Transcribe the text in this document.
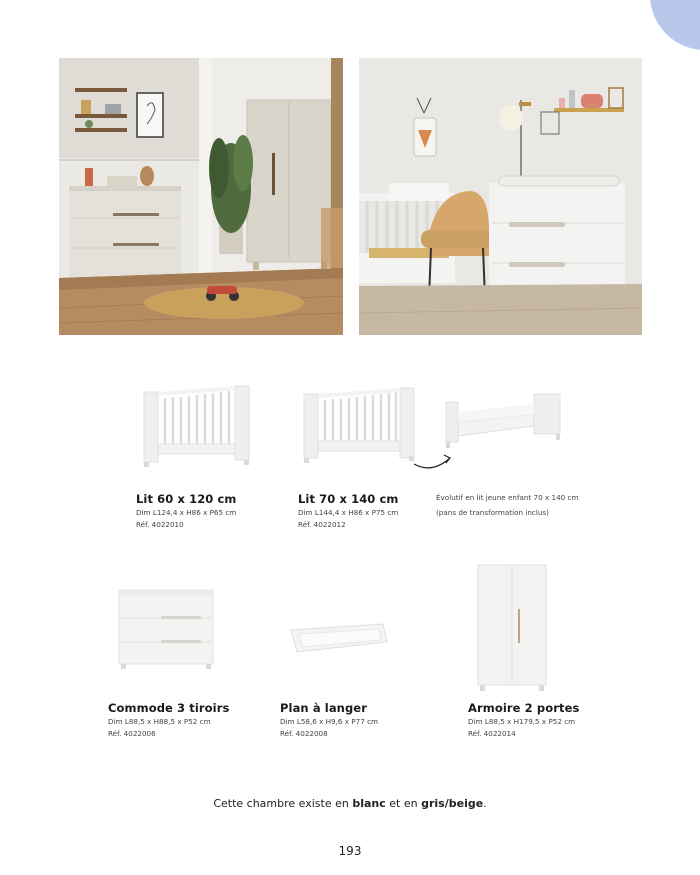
Lit 60 x 120 cm
Dim L124,4 x H86 x P65 cm
Réf. 4022010
Lit 70 x 140 cm
Dim L144,4 x H86 x P75 cm
Réf. 4022012
Évolutif en lit jeune enfant 70 x 140 cm
(pans de transformation inclus)
Commode 3 tiroirs
Dim L88,5 x H88,5 x P52 cm
Réf. 4022006
Plan à langer
Dim L58,6 x H9,6 x P77 cm
Réf. 4022008
Armoire 2 portes
Dim L88,5 x H179,5 x P52 cm
Réf. 4022014
Cette chambre existe en blanc et en gris/beige.
193
